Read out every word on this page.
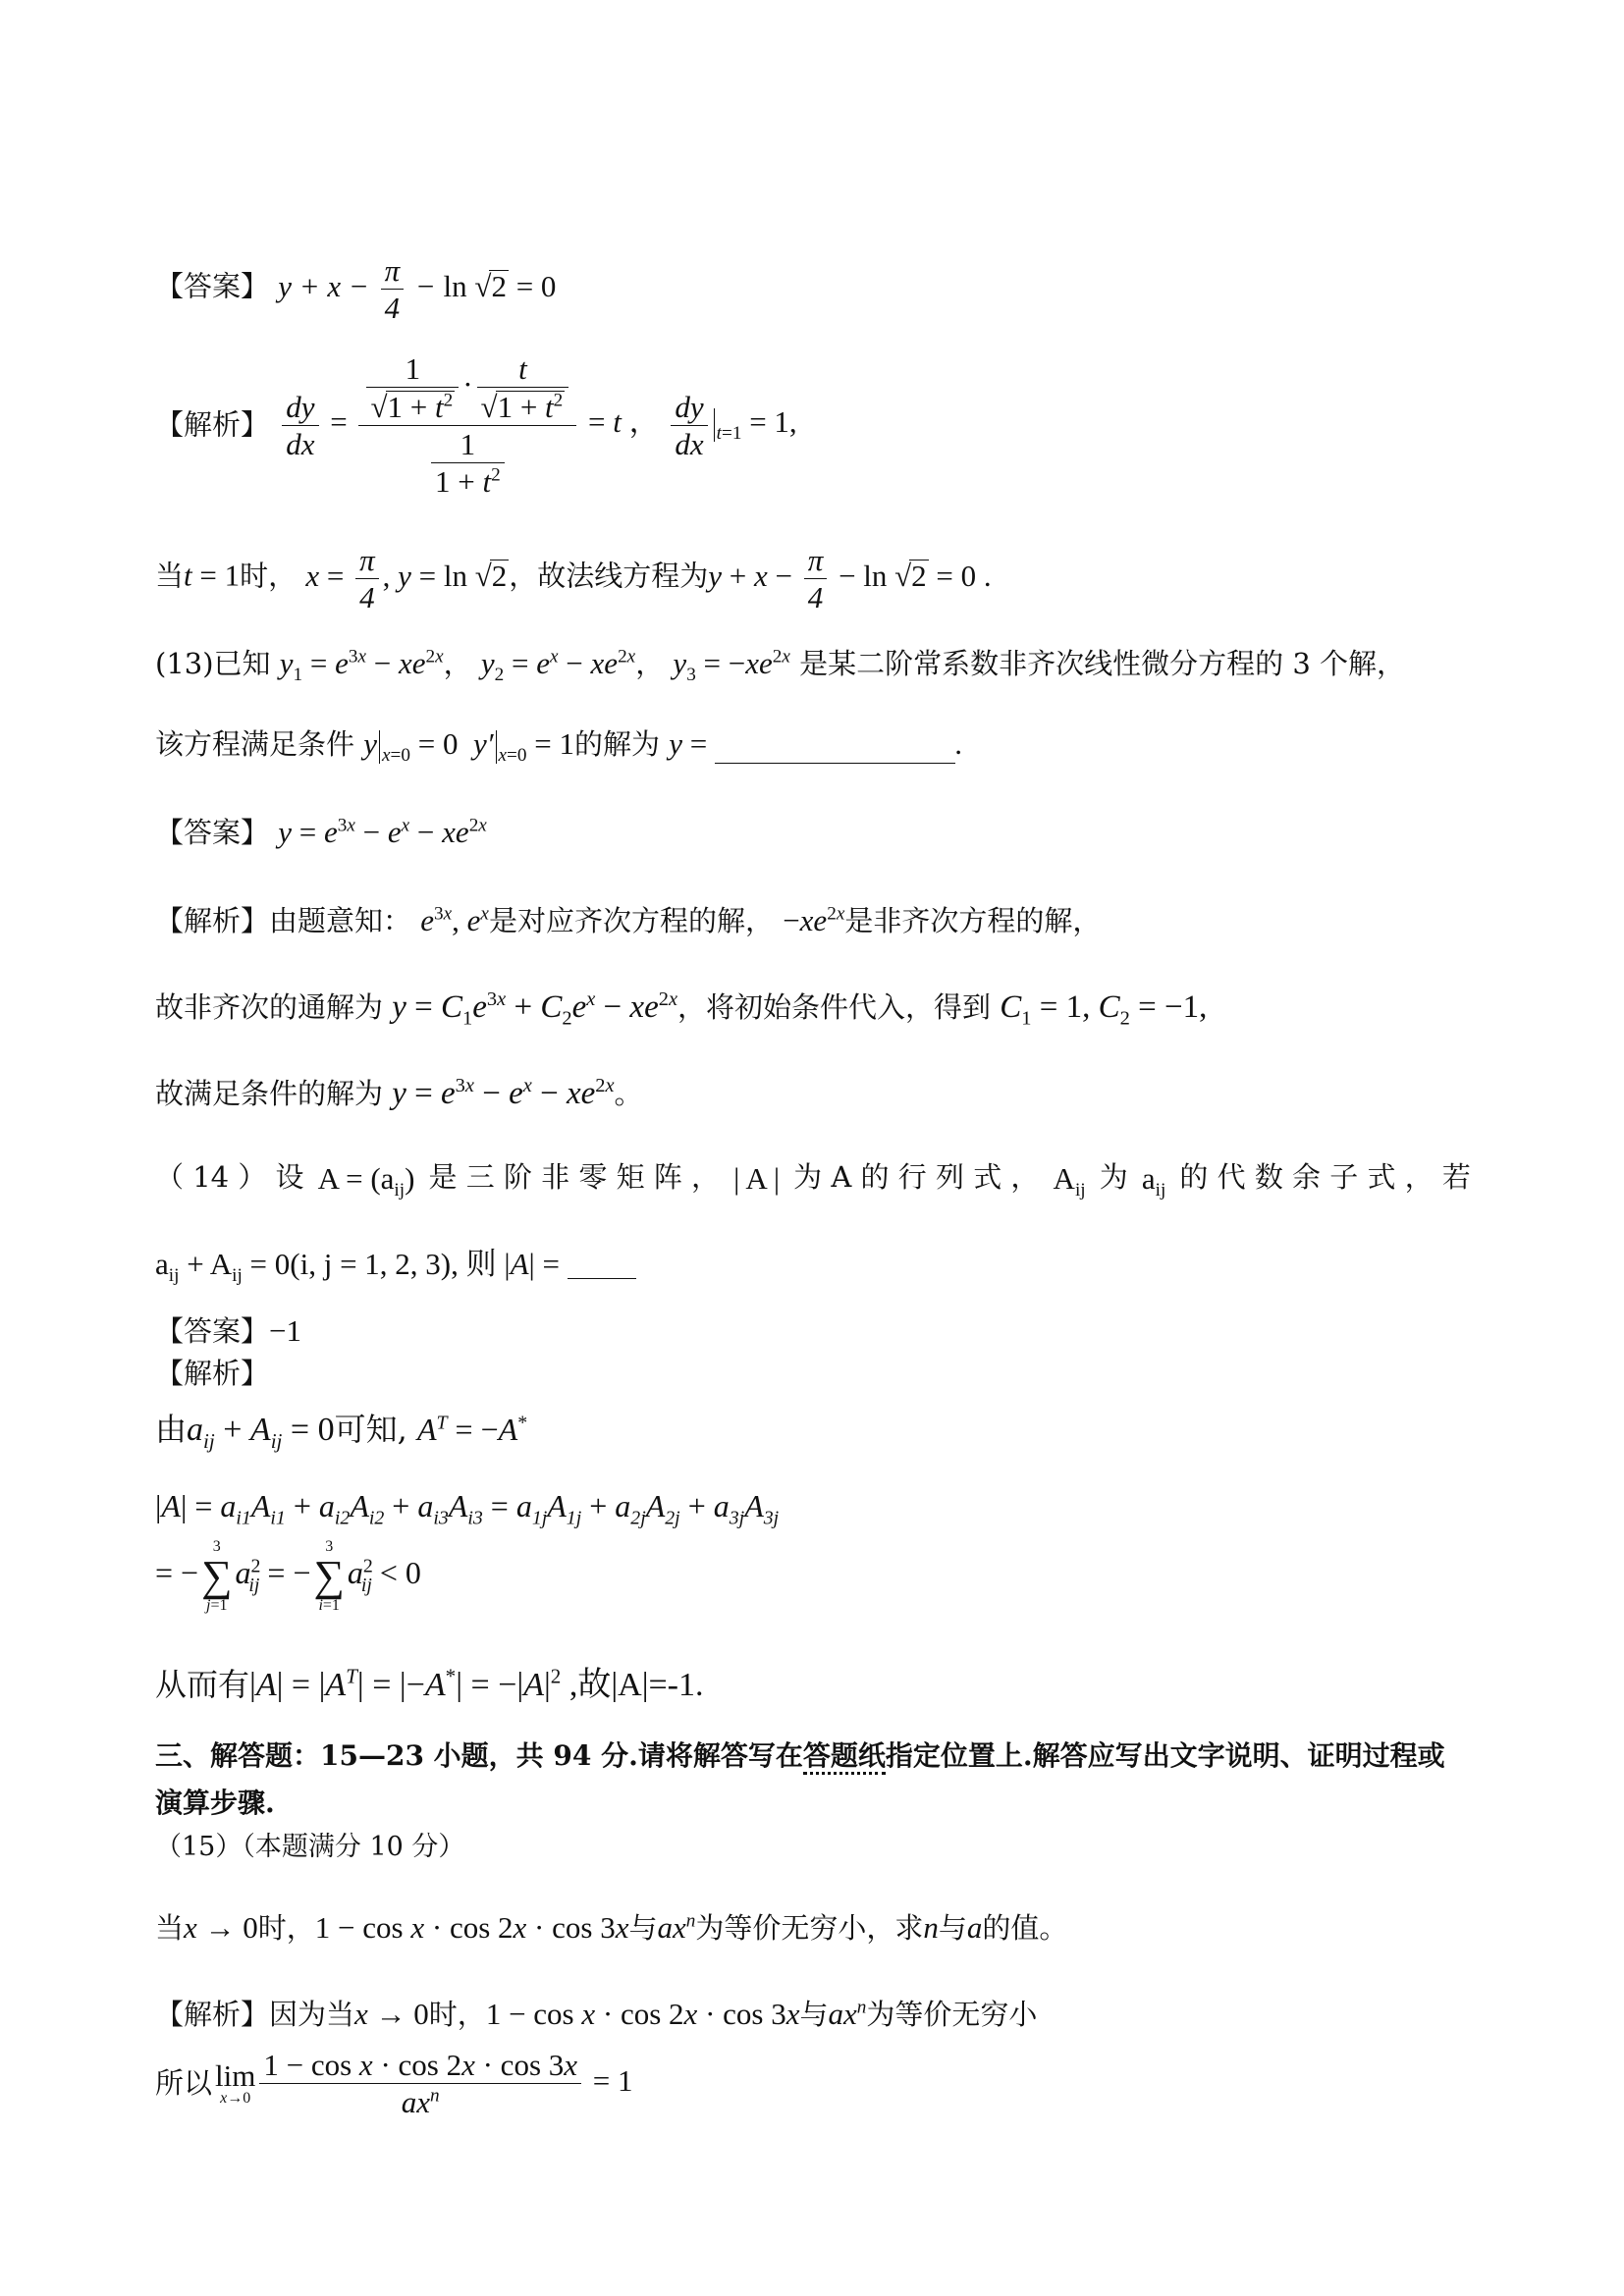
【答案】 $y + x - \frac{\pi}{4} - \ln √2 = 0$
【解析】 $\frac{dy}{dx} = \frac{\frac{1}{√1 + t^2} \cdot \frac{t}{√1 + t^2}}{\frac{1}{1 + t^2}} = t$ ， $\frac{dy}{dx} _{t=1} = 1$,
当t = 1时， $x = \frac{\pi}{4}$ , y = ln √2，故法线方程为$y + x - \frac{\pi}{4} - \ln √2 = 0$ .
(13)已知 $y_1 = e^{3x} - xe^{2x}$， $y_2 = e^x - xe^{2x}$， $y_3 = -xe^{2x}$ 是某二阶常系数非齐次线性微分方程的 3 个解，
该方程满足条件 y $_{x=0}$ = 0  y′ $_{x=0}$ = 1的解为 y =	.
【答案】 $y = e^{3x} - e^x - xe^{2x}$
【解析】由题意知： $e^{3x}$, $e^x$是对应齐次方程的解， $-xe^{2x}$是非齐次方程的解，
故非齐次的通解为 $y = C_1e^{3x} + C_2e^x - xe^{2x}$，将初始条件代入，得到 $C_1 = 1$, $C_2 = -1$,
故满足条件的解为 $y = e^{3x} - e^x - xe^{2x}$。
（ 14 ） 设 $A = (a_{ij})$ 是 三 阶 非 零 矩 阵 ， | A | 为 A 的 行 列 式 ， $A_{ij}$ 为 $a_{ij}$ 的 代 数 余 子 式 ， 若
$a_{ij} + A_{ij} = 0(i$, j = 1, 2, 3), 则 |A| =
【答案】−1
【解析】
由$a_{ij} + A_{ij} = 0$可知, $A^T = -A^*$
$|A| = a_{i1}A_{i1} + a_{i2}A_{i2} + a_{i3}A_{i3} = a_{1j}A_{1j} + a_{2j}A_{2j} + a_{3j}A_{3j}$
= −
3
∑
j=1
$a^2_{ij}$ = −
3
∑
i=1
$a^2_{ij} < 0$
从而有$|A| = |A^T| = |-A^*| = -|A|^2$ ,故|A|=-1.
三、解答题：15—23 小题，共 94 分.请将解答写在答题纸指定位置上.解答应写出文字说明、证明过程或
演算步骤.
（15）（本题满分 10 分）
当x → 0时，1 − cos x · cos 2x · cos 3x与$ax^n$为等价无穷小，求n与a的值。
【解析】因为当x → 0时，1 − cos x · cos 2x · cos 3x与$ax^n$为等价无穷小
所以 lim
$x\to 0 \frac{\text{1 − cos x · cos 2x · cos 3x}}{ax^n} = 1$
